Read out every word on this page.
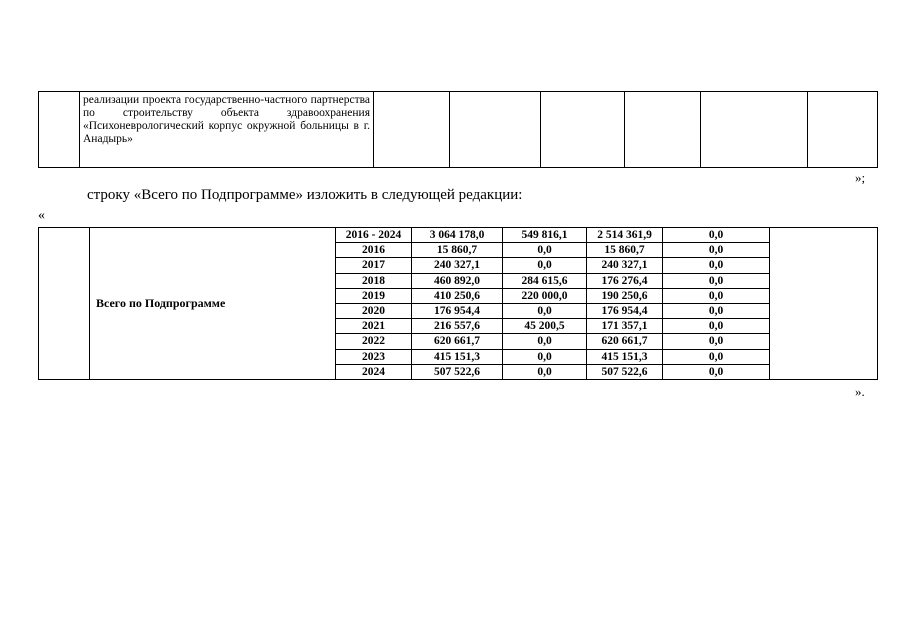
реализации проекта государственно-частного партнерства по строительству объекта здравоохранения «Психоневрологический корпус окружной больницы в г. Анадырь»

»;
строку «Всего по Подпрограмме» изложить в следующей редакции:
«
	Всего по Подпрограмме	2016 - 2024	3 064 178,0	549 816,1	2 514 361,9	0,0	
		2016	15 860,7	0,0	15 860,7	0,0	
		2017	240 327,1	0,0	240 327,1	0,0	
		2018	460 892,0	284 615,6	176 276,4	0,0	
		2019	410 250,6	220 000,0	190 250,6	0,0	
		2020	176 954,4	0,0	176 954,4	0,0	
		2021	216 557,6	45 200,5	171 357,1	0,0	
		2022	620 661,7	0,0	620 661,7	0,0	
		2023	415 151,3	0,0	415 151,3	0,0	
		2024	507 522,6	0,0	507 522,6	0,0	
».
